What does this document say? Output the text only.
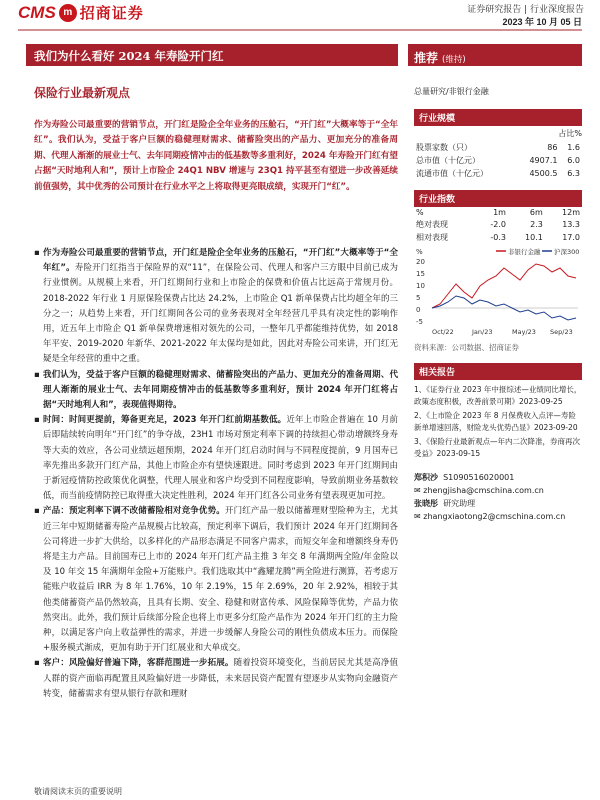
CMS m 招商证券	证券研究报告 | 行业深度报告
2023 年 10 月 05 日
我们为什么看好 2024 年寿险开门红	推荐 (维持)
保险行业最新观点
作为寿险公司最重要的营销节点，开门红是险企全年业务的压舱石，“开门红”大概率等于“全年红”。我们认为，受益于客户巨额的稳健理财需求、储蓄险突出的产品力、更加充分的准备周期、代理人渐渐的展业士气、去年同期疫情冲击的低基数等多重利好，2024 年寿险开门红有望占据“天时地利人和”，预计上市险企 24Q1 NBV 增速与 23Q1 持平甚至有望进一步改善延续前值强势，其中优秀的公司预计在行业水平之上将取得更亮眼成绩，实现开门“红”。

▪ 作为寿险公司最重要的营销节点，开门红是险企全年业务的压舱石，“开门红”大概率等于“全年红”。寿险开门红指当于保险界的双“11”，在保险公司、代理人和客户三方眼中目前已成为行业惯例。从规模上来看，开门红期间行业和上市险企的保费和价值占比远高于常规月份。2018-2022 年行业 1 月原保险保费占比达 24.2%，上市险企 Q1 新单保费占比均超全年的三分之一；从趋势上来看，开门红期间各公司的业务表现对全年经营几乎具有决定性的影响作用，近五年上市险企 Q1 新单保费增速相对领先的公司，一整年几乎都能维持优势，如 2018 年平安、2019-2020 年新华、2021-2022 年太保均是如此，因此对寿险公司来讲，开门红无疑是全年经营的重中之重。

▪ 我们认为，受益于客户巨额的稳健理财需求、储蓄险突出的产品力、更加充分的准备周期、代理人渐渐的展业士气、去年同期疫情冲击的低基数等多重利好，预计 2024 年开门红将占据“天时地利人和”，表现值得期待。

▪ 时间：时间更提前，筹备更充足，2023 年开门红前期基数低。近年上市险企普遍在 10 月前后即陆续转向明年“开门红”的争夺战，23H1 市场对预定利率下调的持续担心带动增额终身寿等大卖的效应，各公司业绩远超预期，2024 年开门红启动时间与不同程度提前，9 月国寿已率先推出多款开门红产品，其他上市险企亦有望快速跟进。同时考虑到 2023 年开门红期间由于新冠疫情防控政策优化调整，代理人展业和客户均受到不同程度影响，导致前期业务基数较低，而当前疫情防控已取得重大决定性胜利，2024 年开门红各公司业务有望表现更加可控。

▪ 产品：预定利率下调不改储蓄险相对竞争优势。开门红产品一般以储蓄理财型险种为主，尤其近三年中短期储蓄寿险产品规模占比较高，预定利率下调后，我们预计 2024 年开门红期间各公司将进一步扩大供给，以多样化的产品形态满足不同客户需求，而短交年金和增额终身寿仍将是主力产品。目前国寿已上市的 2024 年开门红产品主推 3 年交 8 年满期两全险/年金险以及 10 年交 15 年满期年金险+万能账户。我们选取其中“鑫耀龙腾”两全险进行测算，若考虑万能账户收益后 IRR 为 8 年 1.76%，10 年 2.19%，15 年 2.69%，20 年 2.92%，相较于其他类储蓄资产品仍然较高，且具有长期、安全、稳健和财富传承、风险保障等优势，产品力依然突出。此外，我们预计后续部分险企也将上市更多分红险产品作为 2024 年开门红的主力险种，以满足客户向上收益弹性的需求，并进一步缓解人身险公司的刚性负债成本压力。而保险+服务模式渐成，更加有助于开门红展业和大单成交。

▪ 客户：风险偏好普遍下降，客群范围进一步拓展。随着投资环境变化，当前居民尤其是高净值人群的资产面临再配置且风险偏好进一步降低，未来居民资产配置有望逐步从实物向金融资产转变，储蓄需求有望从银行存款和理财

总量研究/非银行金融
行业规模
占比%
股票家数（只）	86	1.6
总市值（十亿元）	4907.1	6.0
流通市值（十亿元）	4500.5	6.3
行业指数
%	1m	6m	12m
绝对表现	-2.0	2.3	13.3
相对表现	-0.3	10.1	17.0
%	非银行金融 沪深300
20
15
10
5
0
-5
Oct/22	Jan/23	May/23 Sep/23
资料来源：公司数据、招商证券
相关报告

1、《证券行业 2023 年中报综述—业绩同比增长，政策态度积极，改善前景可期》2023-09-25

2、《上市险企 2023 年 8 月保费收入点评—寿险新单增速回落，财险龙头优势凸显》2023-09-20

3、《保险行业最新观点—年内二次降准，券商再次受益》2023-09-15

郑积沙 S1090516020001

✉ zhengjisha@cmschina.com.cn

张晓彤 研究助理

✉ zhangxiaotong2@cmschina.com.cn

敬请阅读末页的重要说明
